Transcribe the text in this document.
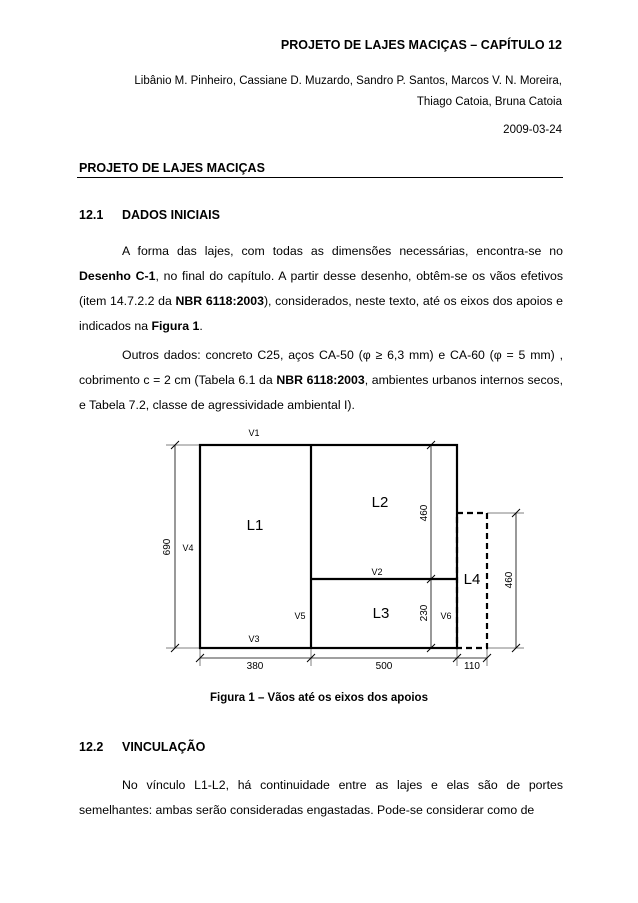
PROJETO DE LAJES MACIÇAS – CAPÍTULO 12
Libânio M. Pinheiro, Cassiane D. Muzardo, Sandro P. Santos, Marcos V. N. Moreira,
Thiago Catoia, Bruna Catoia
2009-03-24
PROJETO DE LAJES MACIÇAS
12.1 DADOS INICIAIS

A forma das lajes, com todas as dimensões necessárias, encontra-se no Desenho C-1, no final do capítulo. A partir desse desenho, obtêm-se os vãos efetivos (item 14.7.2.2 da NBR 6118:2003), considerados, neste texto, até os eixos dos apoios e indicados na Figura 1.

Outros dados: concreto C25, aços CA-50 (φ ≥ 6,3 mm) e CA-60 (φ = 5 mm) , cobrimento c = 2 cm (Tabela 6.1 da NBR 6118:2003, ambientes urbanos internos secos, e Tabela 7.2, classe de agressividade ambiental I).

L1
L2
L3
L4
V1
V2
V3
V4
V5	V6
690
460
230
460
380	500	110
Figura 1 – Vãos até os eixos dos apoios
12.2 VINCULAÇÃO

No vínculo L1-L2, há continuidade entre as lajes e elas são de portes semelhantes: ambas serão consideradas engastadas. Pode-se considerar como de
